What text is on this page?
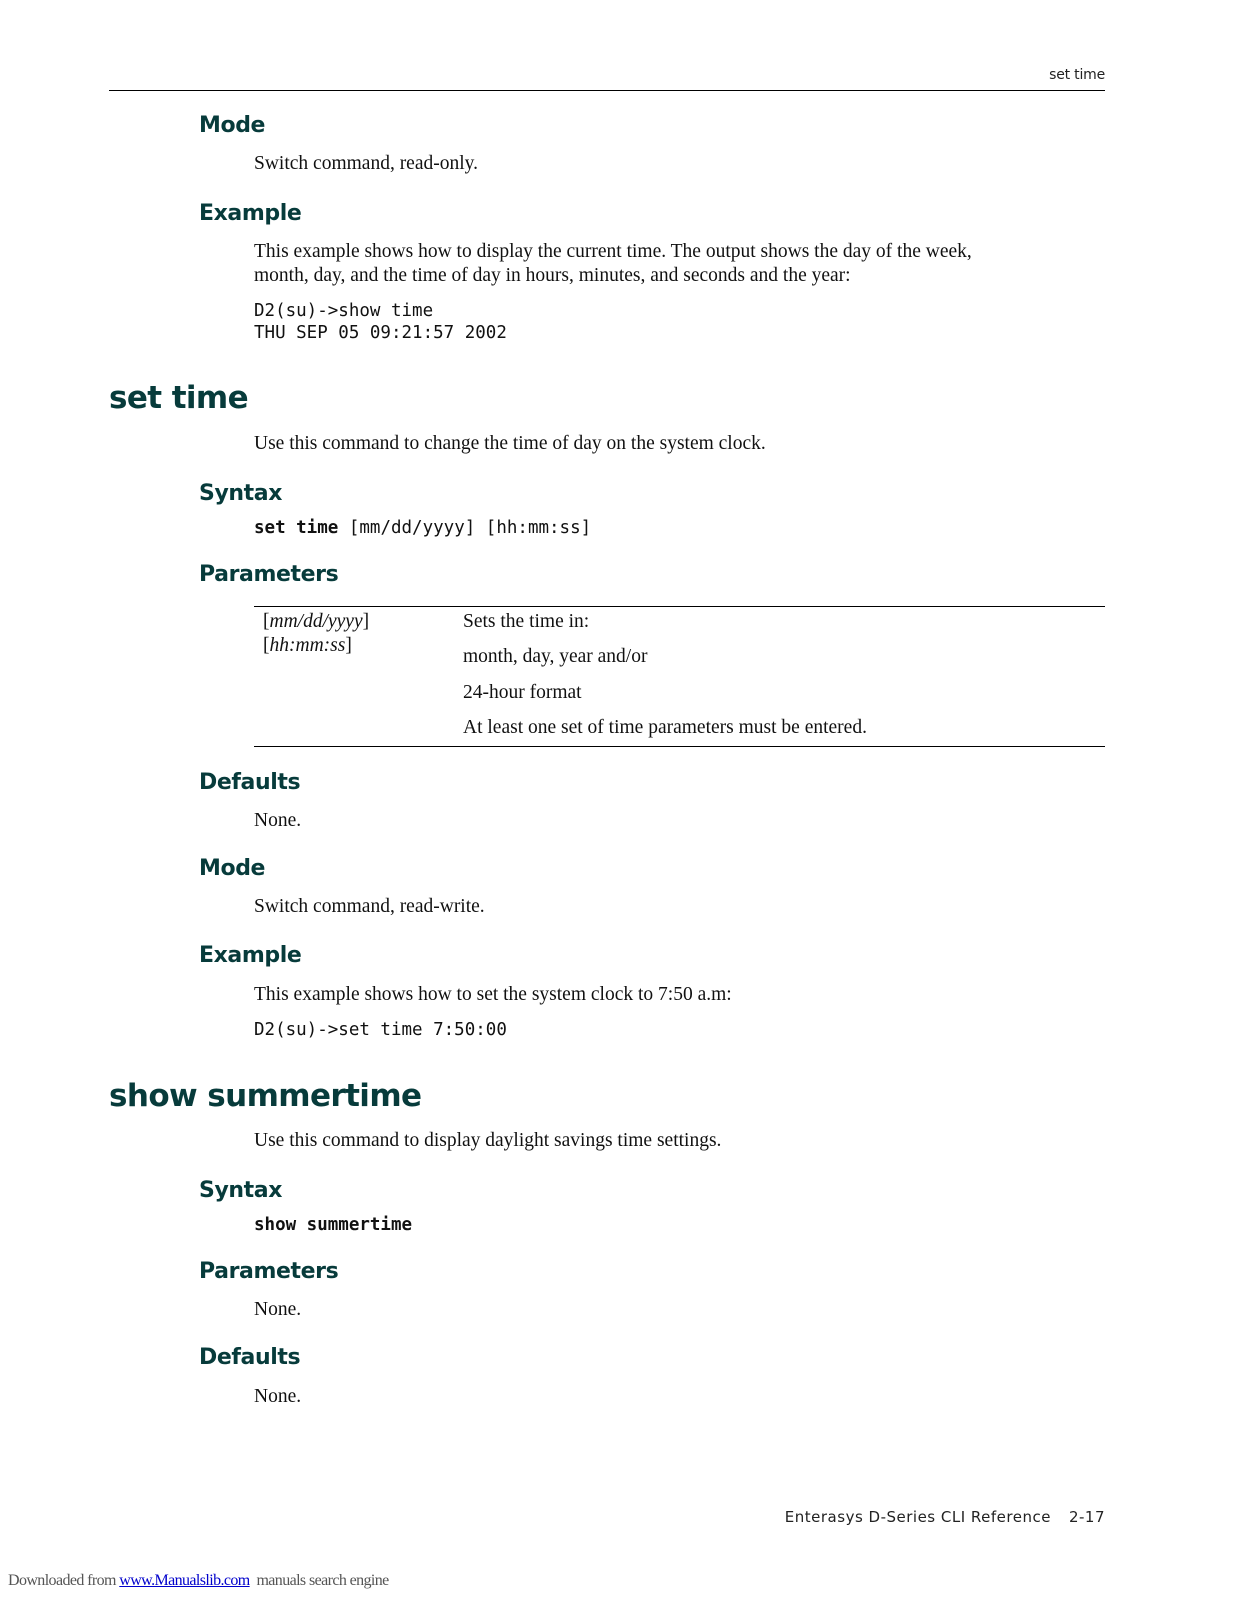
set time
Mode
Switch command, read-only.
Example
This example shows how to display the current time. The output shows the day of the week,
month, day, and the time of day in hours, minutes, and seconds and the year:
D2(su)->show time
THU SEP 05 09:21:57 2002
set time
Use this command to change the time of day on the system clock.
Syntax
set time [mm/dd/yyyy] [hh:mm:ss]
Parameters
[mm/dd/yyyy]
[hh:mm:ss]
Sets the time in:
month, day, year and/or
24-hour format
At least one set of time parameters must be entered.
Defaults
None.
Mode
Switch command, read-write.
Example
This example shows how to set the system clock to 7:50 a.m:
D2(su)->set time 7:50:00
show summertime
Use this command to display daylight savings time settings.
Syntax
show summertime
Parameters
None.
Defaults
None.
Enterasys D-Series CLI Reference 2-17
Downloaded from www.Manualslib.com  manuals search engine
